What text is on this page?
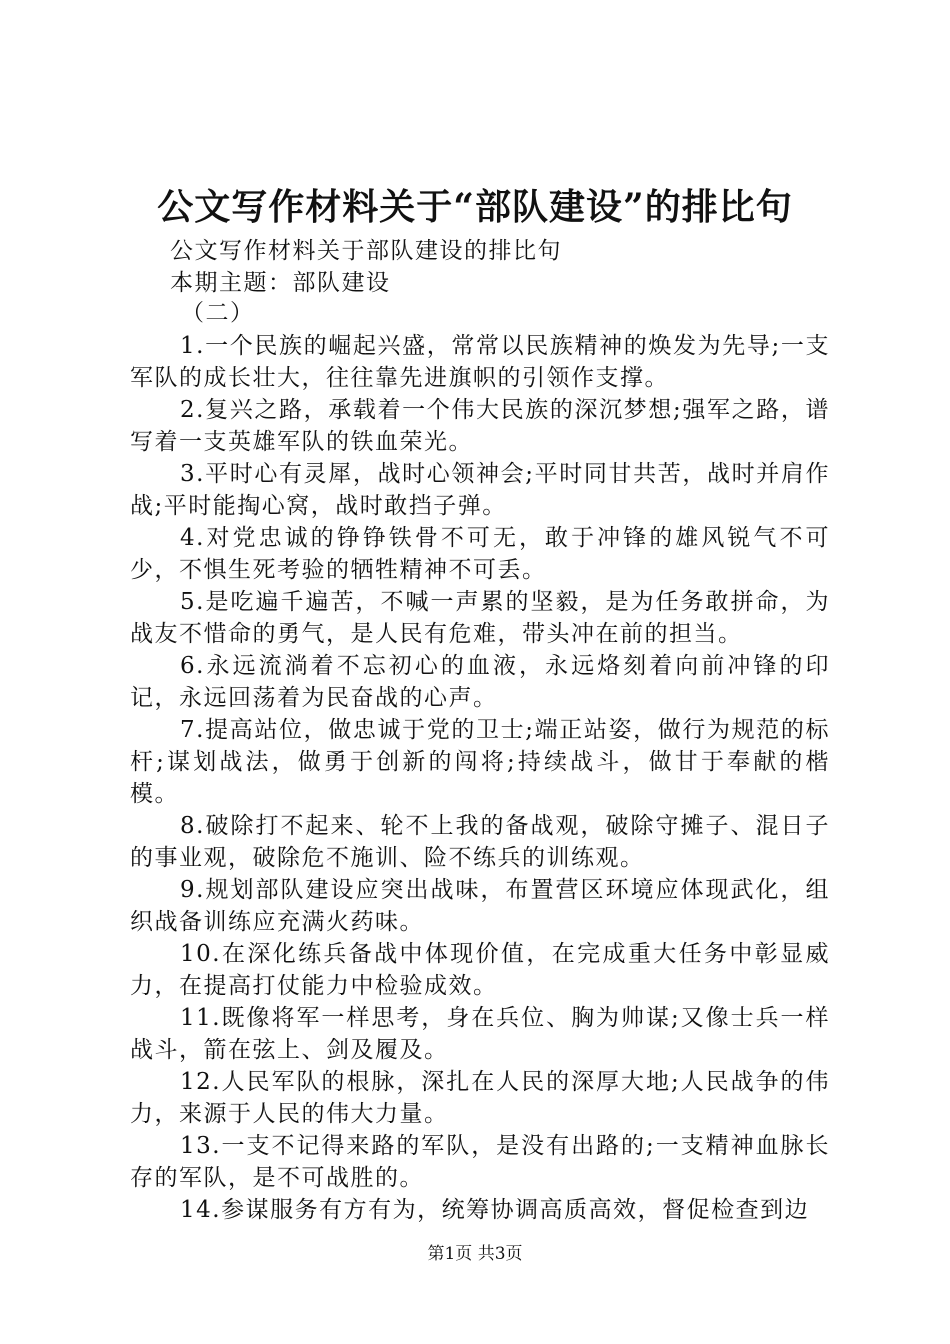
公文写作材料关于“部队建设”的排比句
公文写作材料关于部队建设的排比句
本期主题：部队建设
（二）

1.一个民族的崛起兴盛，常常以民族精神的焕发为先导;一支军队的成长壮大，往往靠先进旗帜的引领作支撑。

2.复兴之路，承载着一个伟大民族的深沉梦想;强军之路，谱写着一支英雄军队的铁血荣光。

3.平时心有灵犀，战时心领神会;平时同甘共苦，战时并肩作战;平时能掏心窝，战时敢挡子弹。

4.对党忠诚的铮铮铁骨不可无，敢于冲锋的雄风锐气不可少，不惧生死考验的牺牲精神不可丢。

5.是吃遍千遍苦，不喊一声累的坚毅，是为任务敢拼命，为战友不惜命的勇气，是人民有危难，带头冲在前的担当。

6.永远流淌着不忘初心的血液，永远烙刻着向前冲锋的印记，永远回荡着为民奋战的心声。

7.提高站位，做忠诚于党的卫士;端正站姿，做行为规范的标杆;谋划战法，做勇于创新的闯将;持续战斗，做甘于奉献的楷模。

8.破除打不起来、轮不上我的备战观，破除守摊子、混日子的事业观，破除危不施训、险不练兵的训练观。

9.规划部队建设应突出战味，布置营区环境应体现武化，组织战备训练应充满火药味。

10.在深化练兵备战中体现价值，在完成重大任务中彰显威力，在提高打仗能力中检验成效。

11.既像将军一样思考，身在兵位、胸为帅谋;又像士兵一样战斗，箭在弦上、剑及履及。

12.人民军队的根脉，深扎在人民的深厚大地;人民战争的伟力，来源于人民的伟大力量。

13.一支不记得来路的军队，是没有出路的;一支精神血脉长存的军队，是不可战胜的。

14.参谋服务有方有为，统筹协调高质高效，督促检查到边

第1页 共3页
